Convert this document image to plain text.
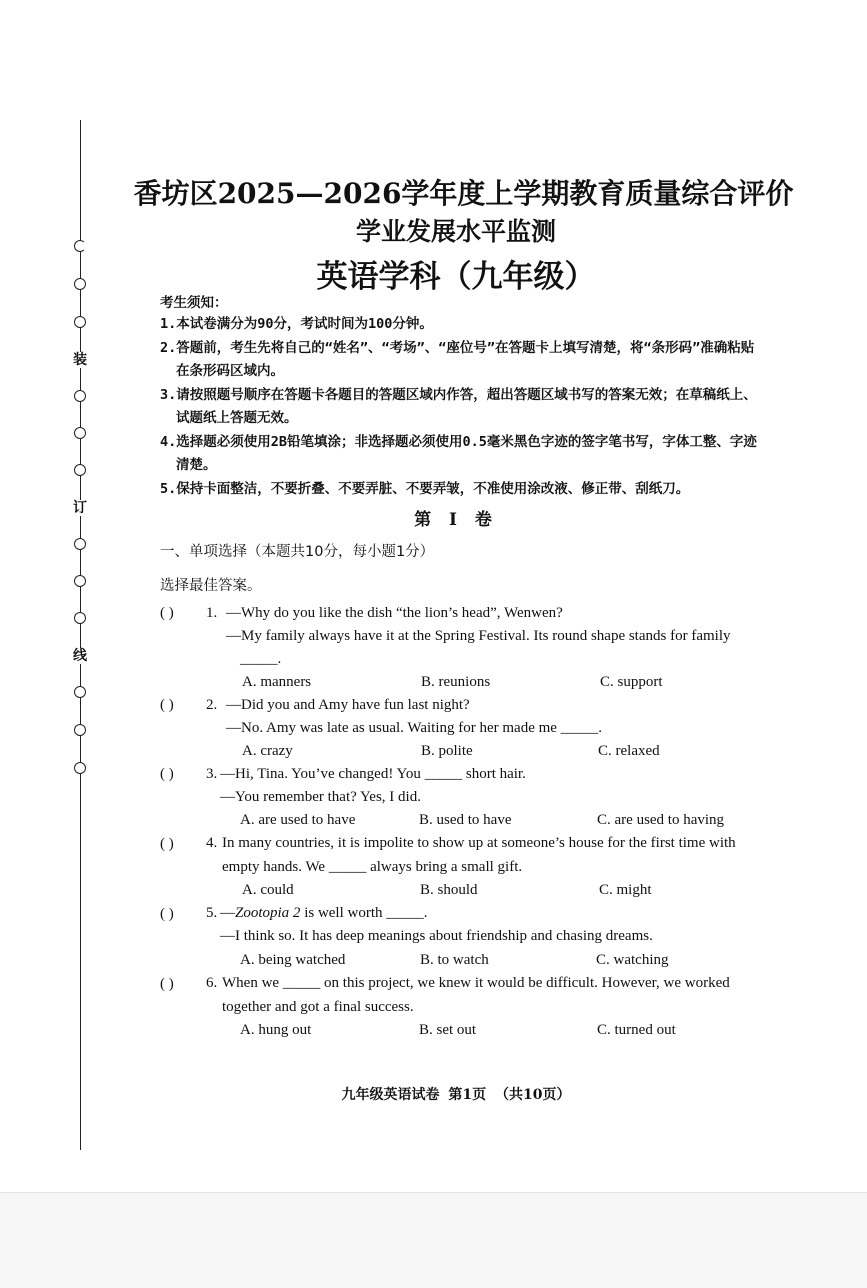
装
订
线
香坊区2025—2026学年度上学期教育质量综合评价
学业发展水平监测
英语学科（九年级）
考生须知：

1.本试卷满分为90分，考试时间为100分钟。

2.答题前，考生先将自己的“姓名”、“考场”、“座位号”在答题卡上填写清楚，将“条形码”准确粘贴在条形码区域内。

3.请按照题号顺序在答题卡各题目的答题区域内作答，超出答题区域书写的答案无效；在草稿纸上、试题纸上答题无效。

4.选择题必须使用2B铅笔填涂；非选择题必须使用0.5毫米黑色字迹的签字笔书写，字体工整、字迹清楚。

5.保持卡面整洁，不要折叠、不要弄脏、不要弄皱，不准使用涂改液、修正带、刮纸刀。

第 I 卷
一、单项选择（本题共10分，每小题1分）
选择最佳答案。
( ) 1. —Why do you like the dish “the lion’s head”, Wenwen?
—My family always have it at the Spring Festival. Its round shape stands for family
_____.
A. manners	B. reunions	C. support
( ) 2. —Did you and Amy have fun last night?
—No. Amy was late as usual. Waiting for her made me _____.
A. crazy	B. polite	C. relaxed
( ) 3. —Hi, Tina. You’ve changed! You _____ short hair.
—You remember that? Yes, I did.
A. are used to have	B. used to have	C. are used to having
( ) 4. In many countries, it is impolite to show up at someone’s house for the first time with
empty hands. We _____ always bring a small gift.
A. could	B. should	C. might
( ) 5. —Zootopia 2 is well worth _____.
—I think so. It has deep meanings about friendship and chasing dreams.
A. being watched	B. to watch	C. watching
( ) 6. When we _____ on this project, we knew it would be difficult. However, we worked
together and got a final success.
A. hung out	B. set out	C. turned out
九年级英语试卷 第1页 （共10页）
